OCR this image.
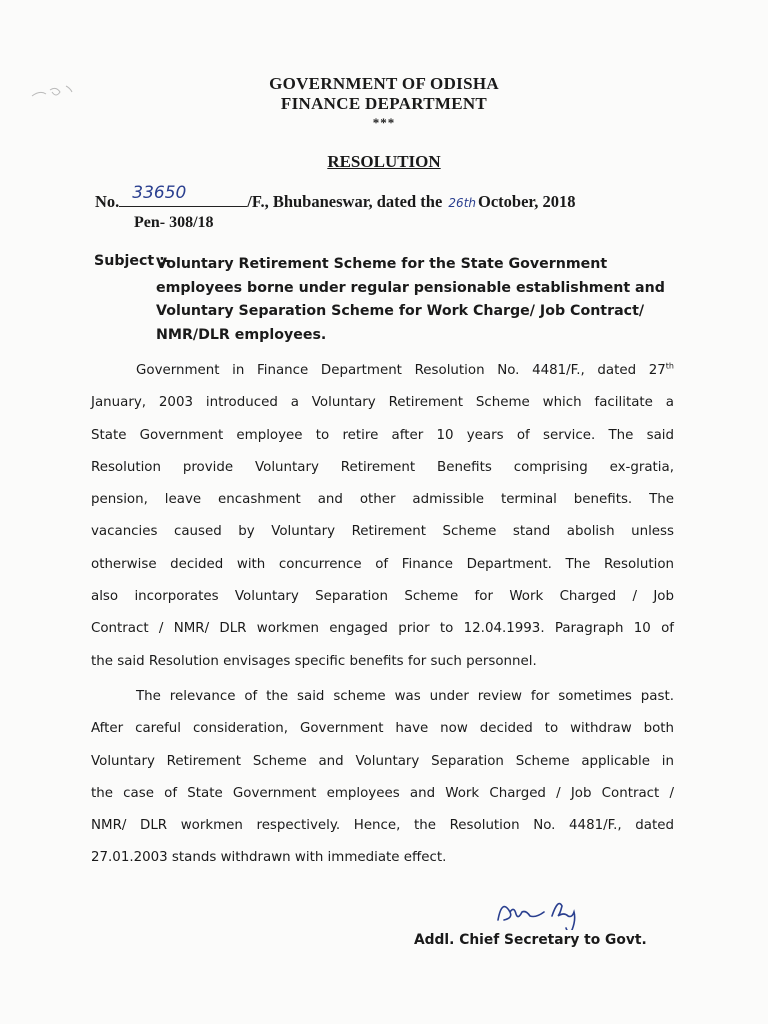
GOVERNMENT OF ODISHA
FINANCE DEPARTMENT
***
RESOLUTION
No. 33650	/F., Bhubaneswar, dated the 26th October, 2018
Pen- 308/18
Subject :-
Voluntary Retirement Scheme for the State Government
employees borne under regular pensionable establishment and
Voluntary Separation Scheme for Work Charge/ Job Contract/
NMR/DLR employees.
Government in Finance Department Resolution No. 4481/F., dated 27th
January, 2003 introduced a Voluntary Retirement Scheme which facilitate a
State Government employee to retire after 10 years of service. The said
Resolution provide Voluntary Retirement Benefits comprising ex-gratia,
pension, leave encashment and other admissible terminal benefits. The
vacancies caused by Voluntary Retirement Scheme stand abolish unless
otherwise decided with concurrence of Finance Department. The Resolution
also incorporates Voluntary Separation Scheme for Work Charged / Job
Contract / NMR/ DLR workmen engaged prior to 12.04.1993. Paragraph 10 of
the said Resolution envisages specific benefits for such personnel.
The relevance of the said scheme was under review for sometimes past.
After careful consideration, Government have now decided to withdraw both
Voluntary Retirement Scheme and Voluntary Separation Scheme applicable in
the case of State Government employees and Work Charged / Job Contract /
NMR/ DLR workmen respectively. Hence, the Resolution No. 4481/F., dated
27.01.2003 stands withdrawn with immediate effect.
Addl. Chief Secretary to Govt.
